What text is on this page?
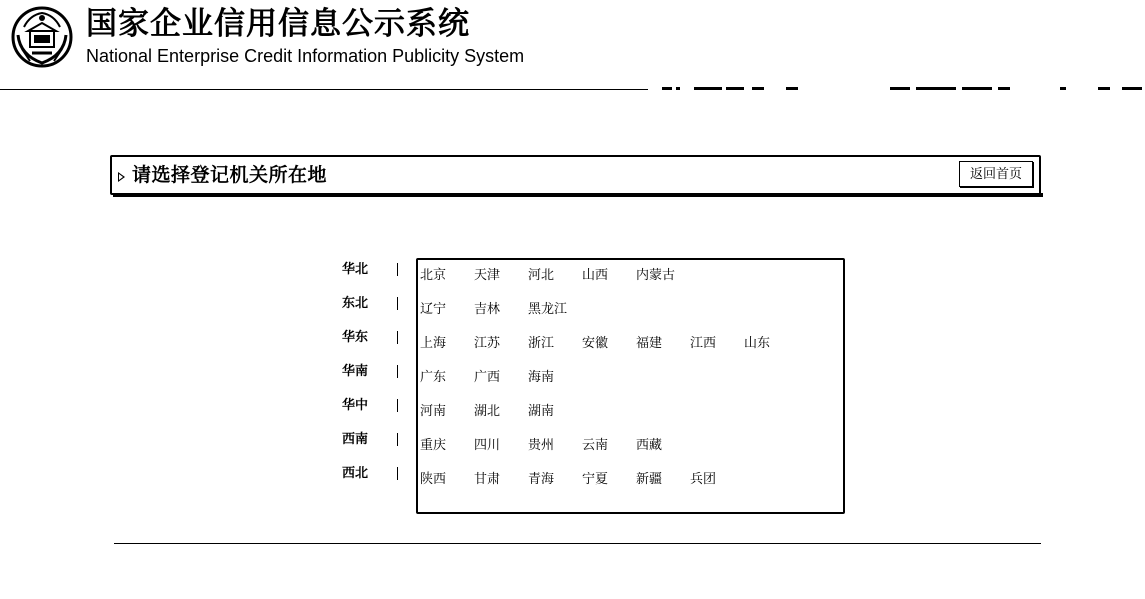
国家企业信用信息公示系统
National Enterprise Credit Information Publicity System
请选择登记机关所在地	返回首页
华北
东北
华东
华南
华中
西南
西北
北京 天津 河北 山西 内蒙古
辽宁 吉林 黑龙江
上海 江苏 浙江 安徽 福建 江西 山东
广东 广西 海南
河南 湖北 湖南
重庆 四川 贵州 云南 西藏
陕西 甘肃 青海 宁夏 新疆 兵团
